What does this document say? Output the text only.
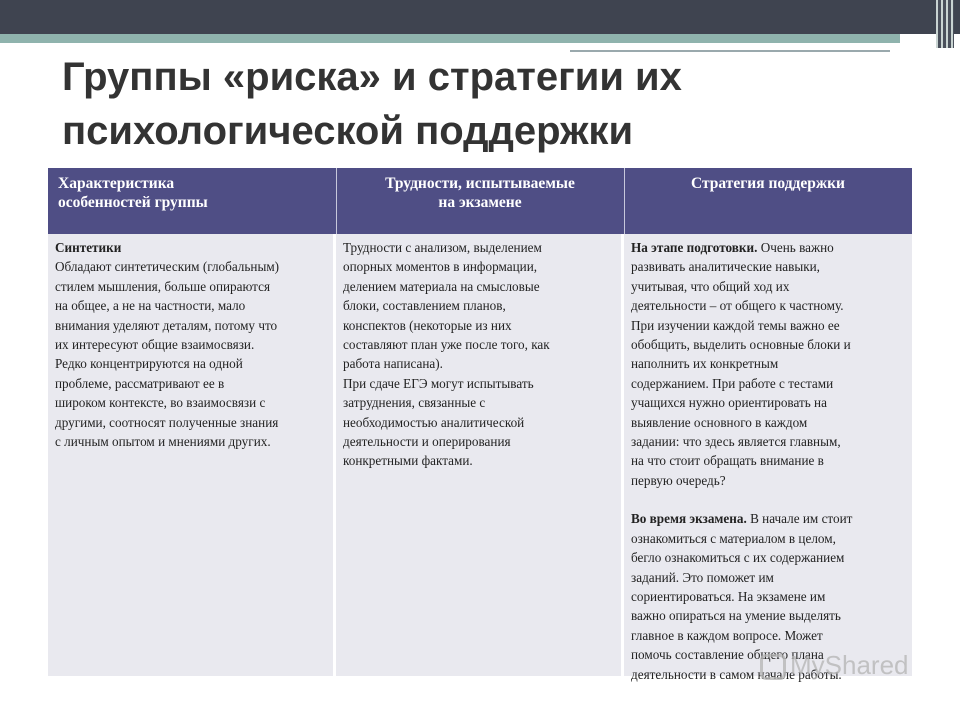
Группы «риска» и стратегии их
психологической поддержки
Характеристика
особенностей группы
Трудности, испытываемые
на экзамене
Стратегия поддержки

Синтетики

Обладают синтетическим (глобальным)
стилем мышления, больше опираются
на общее, а не на частности, мало
внимания уделяют деталям, потому что
их интересуют общие взаимосвязи.
Редко концентрируются на одной
проблеме, рассматривают ее в
широком контексте, во взаимосвязи с
другими, соотносят полученные знания
с личным опытом и мнениями других.

Трудности с анализом, выделением
опорных моментов в информации,
делением материала на смысловые
блоки, составлением планов,
конспектов (некоторые из них
составляют план уже после того, как
работа написана).
При сдаче ЕГЭ могут испытывать
затруднения, связанные с
необходимостью аналитической
деятельности и оперирования
конкретными фактами.

На этапе подготовки. Очень важно
развивать аналитические навыки,
учитывая, что общий ход их
деятельности – от общего к частному.
При изучении каждой темы важно ее
обобщить, выделить основные блоки и
наполнить их конкретным
содержанием. При работе с тестами
учащихся нужно ориентировать на
выявление основного в каждом
задании: что здесь является главным,
на что стоит обращать внимание в
первую очередь?

Во время экзамена. В начале им стоит
ознакомиться с материалом в целом,
бегло ознакомиться с их содержанием
заданий. Это поможет им
сориентироваться. На экзамене им
важно опираться на умение выделять
главное в каждом вопросе. Может
помочь составление общего плана
деятельности в самом начале работы.

MyShared
